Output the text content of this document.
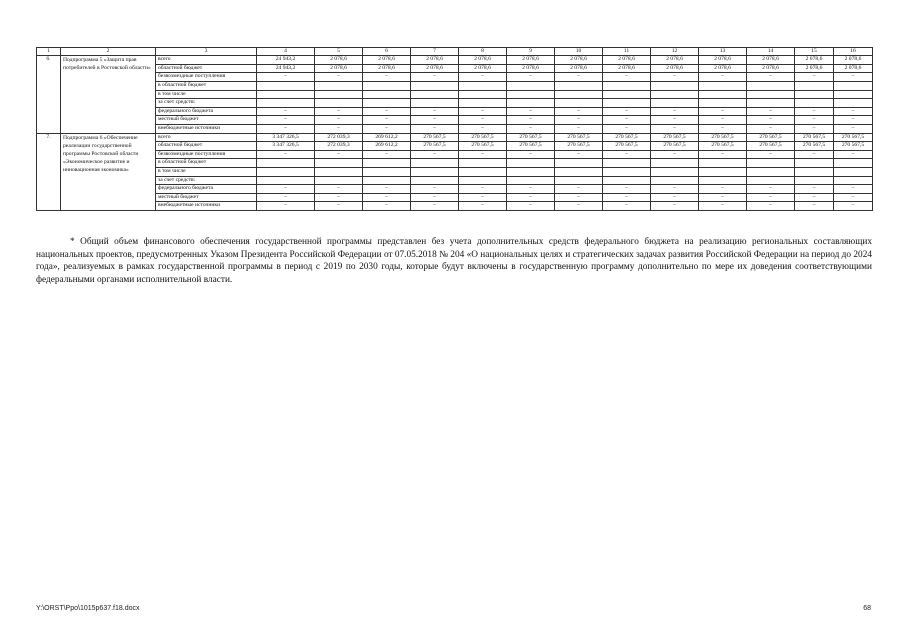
1	2	3	4	5	6	7	8	9	10	11	12	13	14	15	16
6.	Подпрограмма 5 «Защита прав потребителей в Ростовской области»	всего	24 943,2	2 078,6	2 078,6	2 078,6	2 078,6	2 078,6	2 078,6	2 078,6	2 078,6	2 078,6	2 078,6	2 078,6	2 078,6
		областной бюджет	24 943,2	2 078,6	2 078,6	2 078,6	2 078,6	2 078,6	2 078,6	2 078,6	2 078,6	2 078,6	2 078,6	2 078,6	2 078,6
		безвозмездные поступления	–	–	–	–	–	–	–	–	–	–	–	–	–
		в областной бюджет													
		в том числе													
		за счет средств:													
		федерального бюджета	–	–	–	–	–	–	–	–	–	–	–	–	–
		местный бюджет	–	–	–	–	–	–	–	–	–	–	–	–	–
		внебюджетные источники	–	–	–	–	–	–	–	–	–	–	–	–	–
7.	Подпрограмма 6 «Обеспечение реализации государственной программы Ростовской области «Экономическое развитие и инновационная экономика»	всего	3 347 326,5	272 039,3	269 612,2	270 567,5	270 567,5	270 567,5	270 567,5	270 567,5	270 567,5	270 567,5	270 567,5	270 567,5	270 567,5
		областной бюджет	3 347 326,5	272 039,3	269 612,2	270 567,5	270 567,5	270 567,5	270 567,5	270 567,5	270 567,5	270 567,5	270 567,5	270 567,5	270 567,5
		безвозмездные поступления	–	–	–	–	–	–	–	–	–	–	–	–	–
		в областной бюджет													
		в том числе													
		за счет средств:													
		федерального бюджета	–	–	–	–	–	–	–	–	–	–	–	–	–
		местный бюджет	–	–	–	–	–	–	–	–	–	–	–	–	–
		внебюджетные источники	–	–	–	–	–	–	–	–	–	–	–	–	–

* Общий объем финансового обеспечения государственной программы представлен без учета дополнительных средств федерального бюджета на реализацию региональных составляющих национальных проектов, предусмотренных Указом Президента Российской Федерации от 07.05.2018 № 204 «О национальных целях и стратегических задачах развития Российской Федерации на период до 2024 года», реализуемых в рамках государственной программы в период с 2019 по 2030 годы, которые будут включены в государственную программу дополнительно по мере их доведения соответствующими федеральными органами исполнительной власти.

Y:\ORST\Ppo\1015p637.f18.docx	68
